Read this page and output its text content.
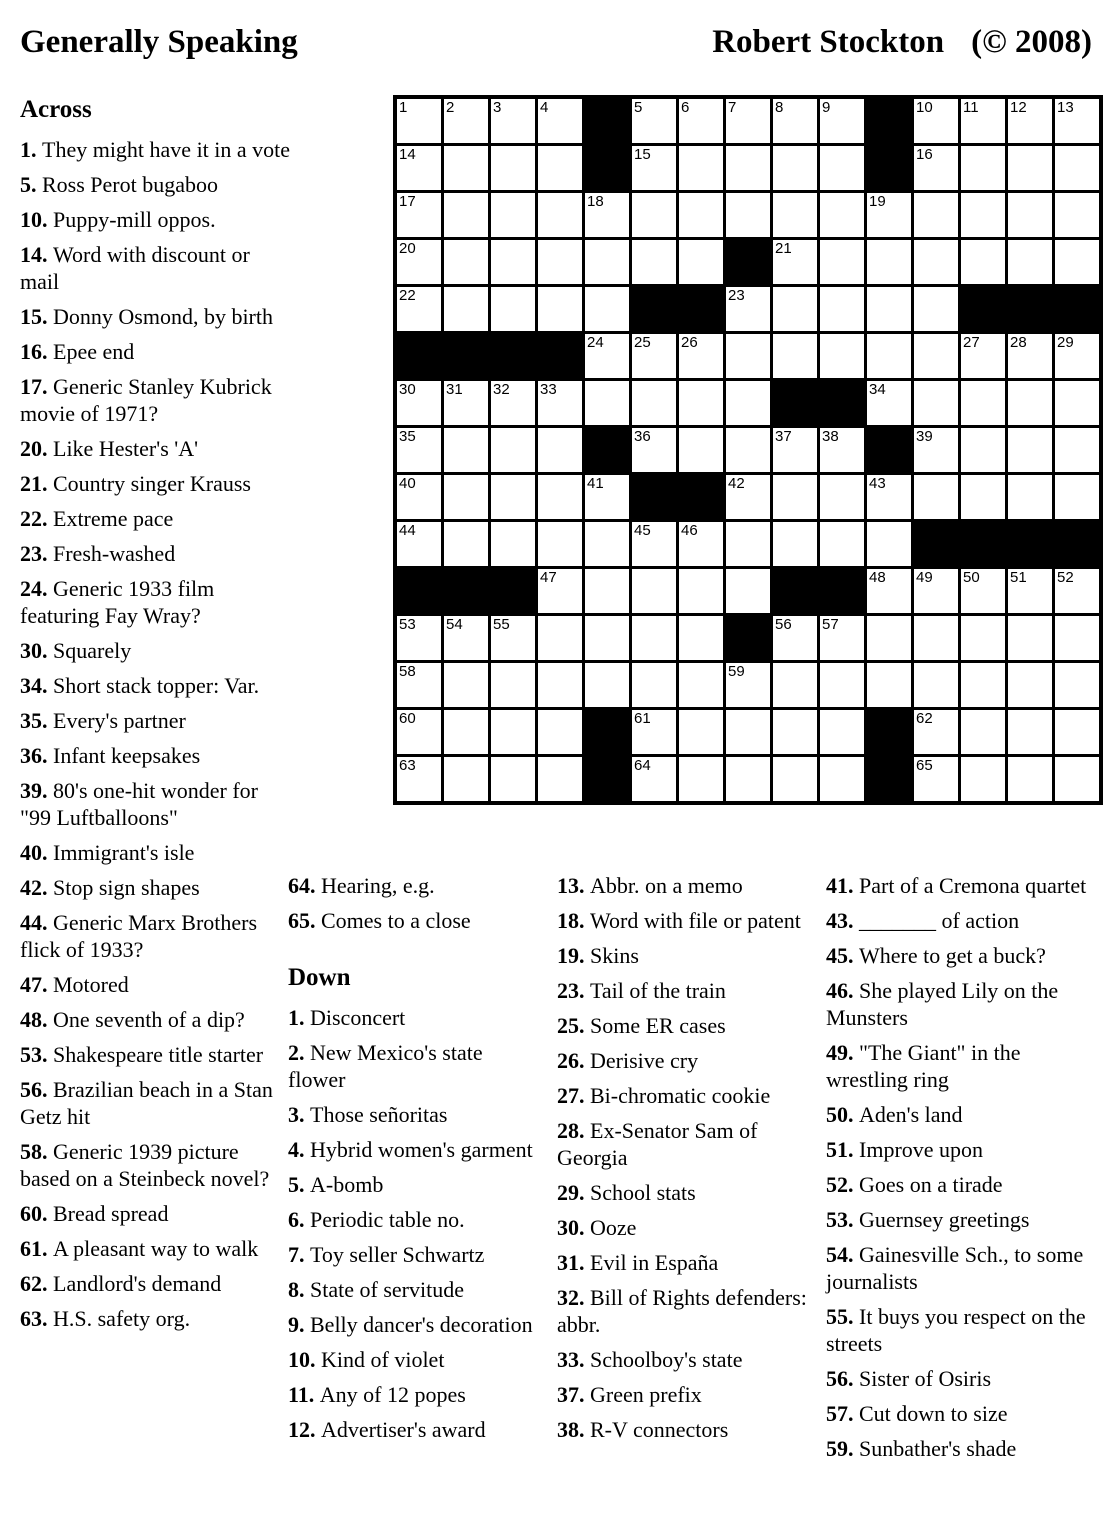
Generally Speaking	Robert Stockton (© 2008)
1	2	3	4	5	6	7	8	9	10 11 12 13
14	15	16
17	18	19
20	21
22	23
24 25 26	27 28 29
30 31 32 33	34
35	36	37 38	39
40	41	42	43
44	45 46
47	48 49 50 51 52
53 54 55	56 57
58	59
60	61	62
63	64	65
Across

1. They might have it in a vote

5. Ross Perot bugaboo

10. Puppy-mill oppos.

14. Word with discount or mail

15. Donny Osmond, by birth

16. Epee end

17. Generic Stanley Kubrick movie of 1971?

20. Like Hester's 'A'

21. Country singer Krauss

22. Extreme pace

23. Fresh-washed

24. Generic 1933 film featuring Fay Wray?

30. Squarely

34. Short stack topper: Var.

35. Every's partner

36. Infant keepsakes

39. 80's one-hit wonder for "99 Luftballoons"

40. Immigrant's isle

42. Stop sign shapes

44. Generic Marx Brothers flick of 1933?

47. Motored

48. One seventh of a dip?

53. Shakespeare title starter

56. Brazilian beach in a Stan Getz hit

58. Generic 1939 picture based on a Steinbeck novel?

60. Bread spread

61. A pleasant way to walk

62. Landlord's demand

63. H.S. safety org.

64. Hearing, e.g.

65. Comes to a close

Down

1. Disconcert

2. New Mexico's state flower

3. Those señoritas

4. Hybrid women's garment

5. A-bomb

6. Periodic table no.

7. Toy seller Schwartz

8. State of servitude

9. Belly dancer's decoration

10. Kind of violet

11. Any of 12 popes

12. Advertiser's award

13. Abbr. on a memo

18. Word with file or patent

19. Skins

23. Tail of the train

25. Some ER cases

26. Derisive cry

27. Bi-chromatic cookie

28. Ex-Senator Sam of Georgia

29. School stats

30. Ooze

31. Evil in España

32. Bill of Rights defenders: abbr.

33. Schoolboy's state

37. Green prefix

38. R-V connectors

41. Part of a Cremona quartet

43. _______ of action

45. Where to get a buck?

46. She played Lily on the Munsters

49. "The Giant" in the wrestling ring

50. Aden's land

51. Improve upon

52. Goes on a tirade

53. Guernsey greetings

54. Gainesville Sch., to some journalists

55. It buys you respect on the streets

56. Sister of Osiris

57. Cut down to size

59. Sunbather's shade
